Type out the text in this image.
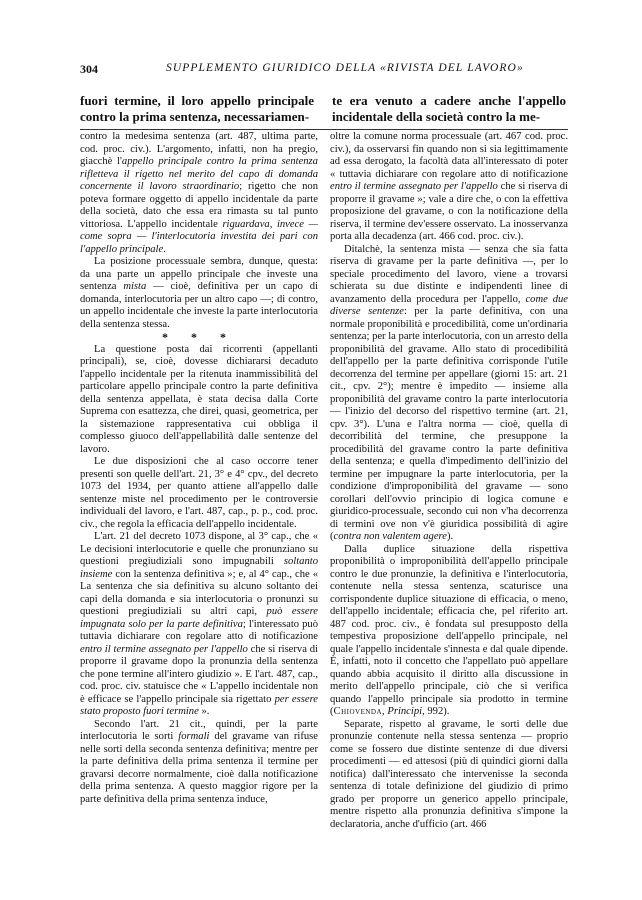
304	SUPPLEMENTO GIURIDICO DELLA «RIVISTA DEL LAVORO»

fuori termine, il loro appello principale contro la prima sentenza, necessariamen-

te era venuto a cadere anche l'appello incidentale della società contro la me-

contro la medesima sentenza (art. 487, ultima parte, cod. proc. civ.). L'argomento, infatti, non ha pregio, giacchè l'appello principale contro la prima sentenza rifletteva il rigetto nel merito del capo di domanda concernente il lavoro straordinario; rigetto che non poteva formare oggetto di appello incidentale da parte della società, dato che essa era rimasta su tal punto vittoriosa. L'appello incidentale riguardava, invece — come sopra — l'interlocutoria investita dei pari con l'appello principale.

La posizione processuale sembra, dunque, questa: da una parte un appello principale che investe una sentenza mista — cioè, definitiva per un capo di domanda, interlocutoria per un altro capo —; di contro, un appello incidentale che investe la parte interlocutoria della sentenza stessa.

* * *

La questione posta dai ricorrenti (appellanti principali), se, cioè, dovesse dichiararsi decaduto l'appello incidentale per la ritenuta inammissibilità del particolare appello principale contro la parte definitiva della sentenza appellata, è stata decisa dalla Corte Suprema con esattezza, che direi, quasi, geometrica, per la sistemazione rappresentativa cui obbliga il complesso giuoco dell'appellabilità dalle sentenze del lavoro.

Le due disposizioni che al caso occorre tener presenti son quelle dell'art. 21, 3° e 4° cpv., del decreto 1073 del 1934, per quanto attiene all'appello dalle sentenze miste nel procedimento per le controversie individuali del lavoro, e l'art. 487, cap., p. p., cod. proc. civ., che regola la efficacia dell'appello incidentale.

L'art. 21 del decreto 1073 dispone, al 3° cap., che « Le decisioni interlocutorie e quelle che pronunziano su questioni pregiudiziali sono impugnabili soltanto insieme con la sentenza definitiva »; e, al 4° cap., che « La sentenza che sia definitiva su alcuno soltanto dei capi della domanda e sia interlocutoria o pronunzi su questioni pregiudiziali su altri capi, può essere impugnata solo per la parte definitiva; l'interessato può tuttavia dichiarare con regolare atto di notificazione entro il termine assegnato per l'appello che si riserva di proporre il gravame dopo la pronunzia della sentenza che pone termine all'intero giudizio ». E l'art. 487, cap., cod. proc. civ. statuisce che « L'appello incidentale non è efficace se l'appello principale sia rigettato per essere stato proposto fuori termine ».

Secondo l'art. 21 cit., quindi, per la parte interlocutoria le sorti formali del gravame van rifuse nelle sorti della seconda sentenza definitiva; mentre per la parte definitiva della prima sentenza il termine per gravarsi decorre normalmente, cioè dalla notificazione della prima sentenza. A questo maggior rigore per la parte definitiva della prima sentenza induce,

oltre la comune norma processuale (art. 467 cod. proc. civ.), da osservarsi fin quando non si sia legittimamente ad essa derogato, la facoltà data all'interessato di poter « tuttavia dichiarare con regolare atto di notificazione entro il termine assegnato per l'appello che si riserva di proporre il gravame »; vale a dire che, o con la effettiva proposizione del gravame, o con la notificazione della riserva, il termine dev'essere osservato. La inosservanza porta alla decadenza (art. 466 cod. proc. civ.).

Ditalchè, la sentenza mista — senza che sia fatta riserva di gravame per la parte definitiva —, per lo speciale procedimento del lavoro, viene a trovarsi schierata su due distinte e indipendenti linee di avanzamento della procedura per l'appello, come due diverse sentenze: per la parte definitiva, con una normale proponibilità e procedibilità, come un'ordinaria sentenza; per la parte interlocutoria, con un arresto della proponibilità del gravame. Allo stato di procedibilità dell'appello per la parte definitiva corrisponde l'utile decorrenza del termine per appellare (giorni 15: art. 21 cit., cpv. 2°); mentre è impedito — insieme alla proponibilità del gravame contro la parte interlocutoria — l'inizio del decorso del rispettivo termine (art. 21, cpv. 3°). L'una e l'altra norma — cioè, quella di decorribilità del termine, che presuppone la procedibilità del gravame contro la parte definitiva della sentenza; e quella d'impedimento dell'inizio del termine per impugnare la parte interlocutoria, per la condizione d'improponibilità del gravame — sono corollari dell'ovvio principio di logica comune e giuridico-processuale, secondo cui non v'ha decorrenza di termini ove non v'è giuridica possibilità di agire (contra non valentem agere).

Dalla duplice situazione della rispettiva proponibilità o improponibilità dell'appello principale contro le due pronunzie, la definitiva e l'interlocutoria, contenute nella stessa sentenza, scaturisce una corrispondente duplice situazione di efficacia, o meno, dell'appello incidentale; efficacia che, pel riferito art. 487 cod. proc. civ., è fondata sul presupposto della tempestiva proposizione dell'appello principale, nel quale l'appello incidentale s'innesta e dal quale dipende. È, infatti, noto il concetto che l'appellato può appellare quando abbia acquisito il diritto alla discussione in merito dell'appello principale, ciò che si verifica quando l'appello principale sia prodotto in termine (Chiovenda, Principi, 992).

Separate, rispetto al gravame, le sorti delle due pronunzie contenute nella stessa sentenza — proprio come se fossero due distinte sentenze di due diversi procedimenti — ed attesosi (più di quindici giorni dalla notifica) dall'interessato che intervenisse la seconda sentenza di totale definizione del giudizio di primo grado per proporre un generico appello principale, mentre rispetto alla pronunzia definitiva s'impone la declaratoria, anche d'ufficio (art. 466
